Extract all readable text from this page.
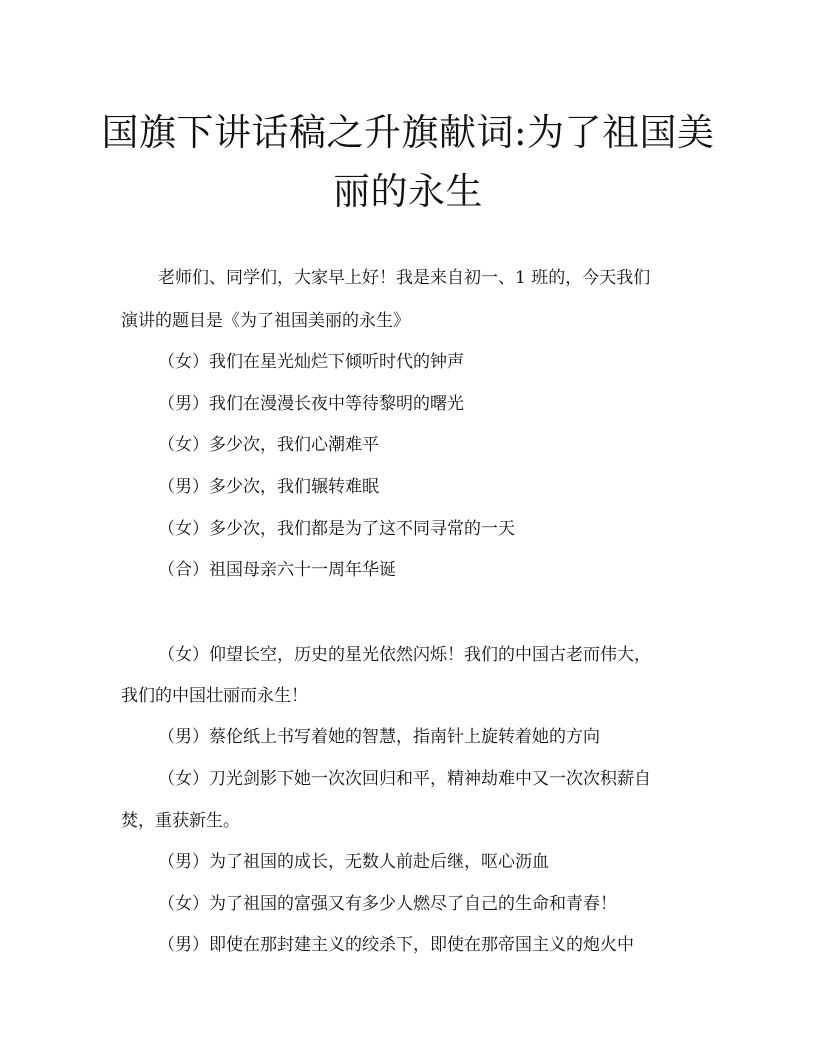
国旗下讲话稿之升旗献词:为了祖国美
丽的永生
老师们、同学们，大家早上好！我是来自初一、1 班的，今天我们
演讲的题目是《为了祖国美丽的永生》
（女）我们在星光灿烂下倾听时代的钟声
（男）我们在漫漫长夜中等待黎明的曙光
（女）多少次，我们心潮难平
（男）多少次，我们辗转难眠
（女）多少次，我们都是为了这不同寻常的一天
（合）祖国母亲六十一周年华诞
（女）仰望长空，历史的星光依然闪烁！我们的中国古老而伟大，
我们的中国壮丽而永生！
（男）蔡伦纸上书写着她的智慧，指南针上旋转着她的方向
（女）刀光剑影下她一次次回归和平，精神劫难中又一次次积薪自
焚，重获新生。
（男）为了祖国的成长，无数人前赴后继，呕心沥血
（女）为了祖国的富强又有多少人燃尽了自己的生命和青春！
（男）即使在那封建主义的绞杀下，即使在那帝国主义的炮火中
